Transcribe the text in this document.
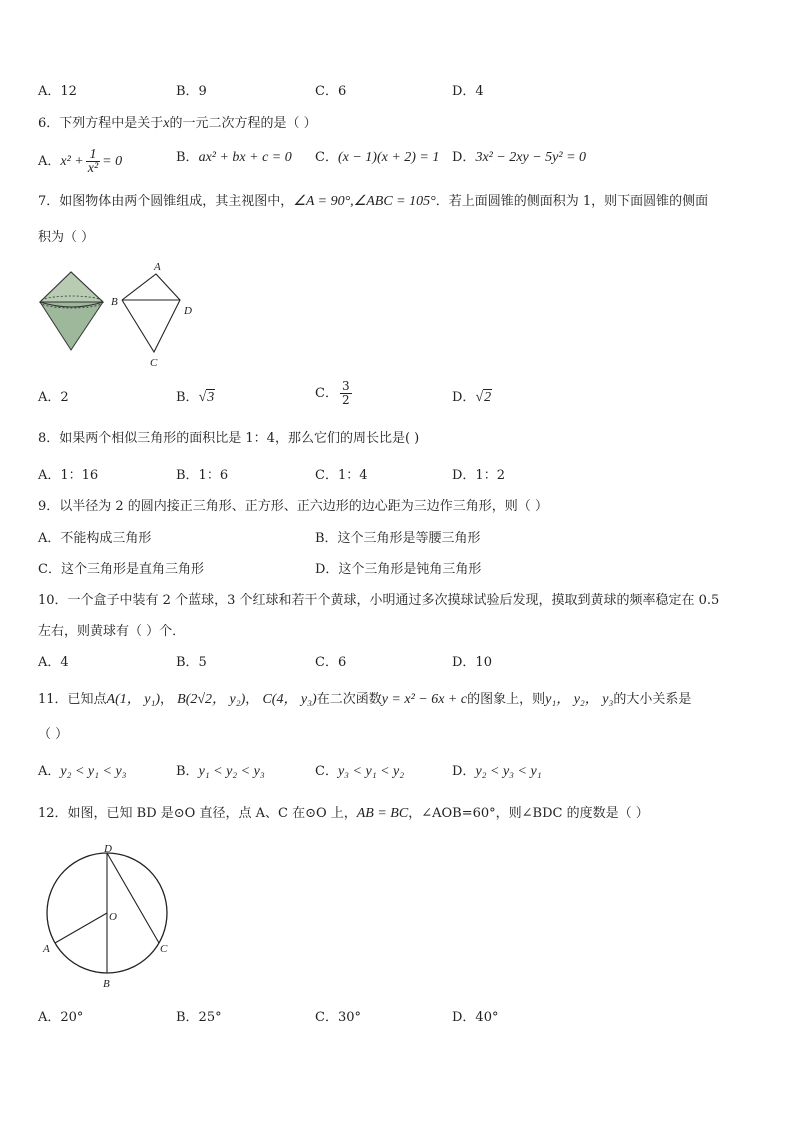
A．12	B．9	C．6	D．4
6．下列方程中是关于x的一元二次方程的是（ ）
A．$x^2 + \frac{1}{\text{x²}} = 0$	B．ax² + bx + c = 0 C．(x − 1)(x + 2) = 1 D．3x² − 2xy − 5y² = 0
7．如图物体由两个圆锥组成，其主视图中，∠A = 90°,∠ABC = 105°．若上面圆锥的侧面积为 1，则下面圆锥的侧面
积为（ ）
A
B
C
D
A．2	B．√3	C． $\frac{3}{2}$	D．√2
8．如果两个相似三角形的面积比是 1：4，那么它们的周长比是( )
A．1：16	B．1：6	C．1：4	D．1：2
9．以半径为 2 的圆内接正三角形、正方形、正六边形的边心距为三边作三角形，则（ ）
A．不能构成三角形	B．这个三角形是等腰三角形
C．这个三角形是直角三角形	D．这个三角形是钝角三角形
10．一个盒子中装有 2 个蓝球，3 个红球和若干个黄球，小明通过多次摸球试验后发现，摸取到黄球的频率稳定在 0.5
左右，则黄球有（ ）个．
A．4	B．5	C．6	D．10
11．已知点A(1， y₁)， B(2√2， y₂)， C(4， y₃)在二次函数y = x² − 6x + c的图象上，则y₁， y₂， y₃的大小关系是
（ ）
A．y₂ < y₁ < y₃	B．y₁ < y₂ < y₃	C．y₃ < y₁ < y₂	D．y₂ < y₃ < y₁
12．如图，已知 BD 是⊙O 直径，点 A、C 在⊙O 上，AB = BC，∠AOB=60°，则∠BDC 的度数是（ ）
D
O
A	C
B
A．20°	B．25°	C．30°	D．40°
